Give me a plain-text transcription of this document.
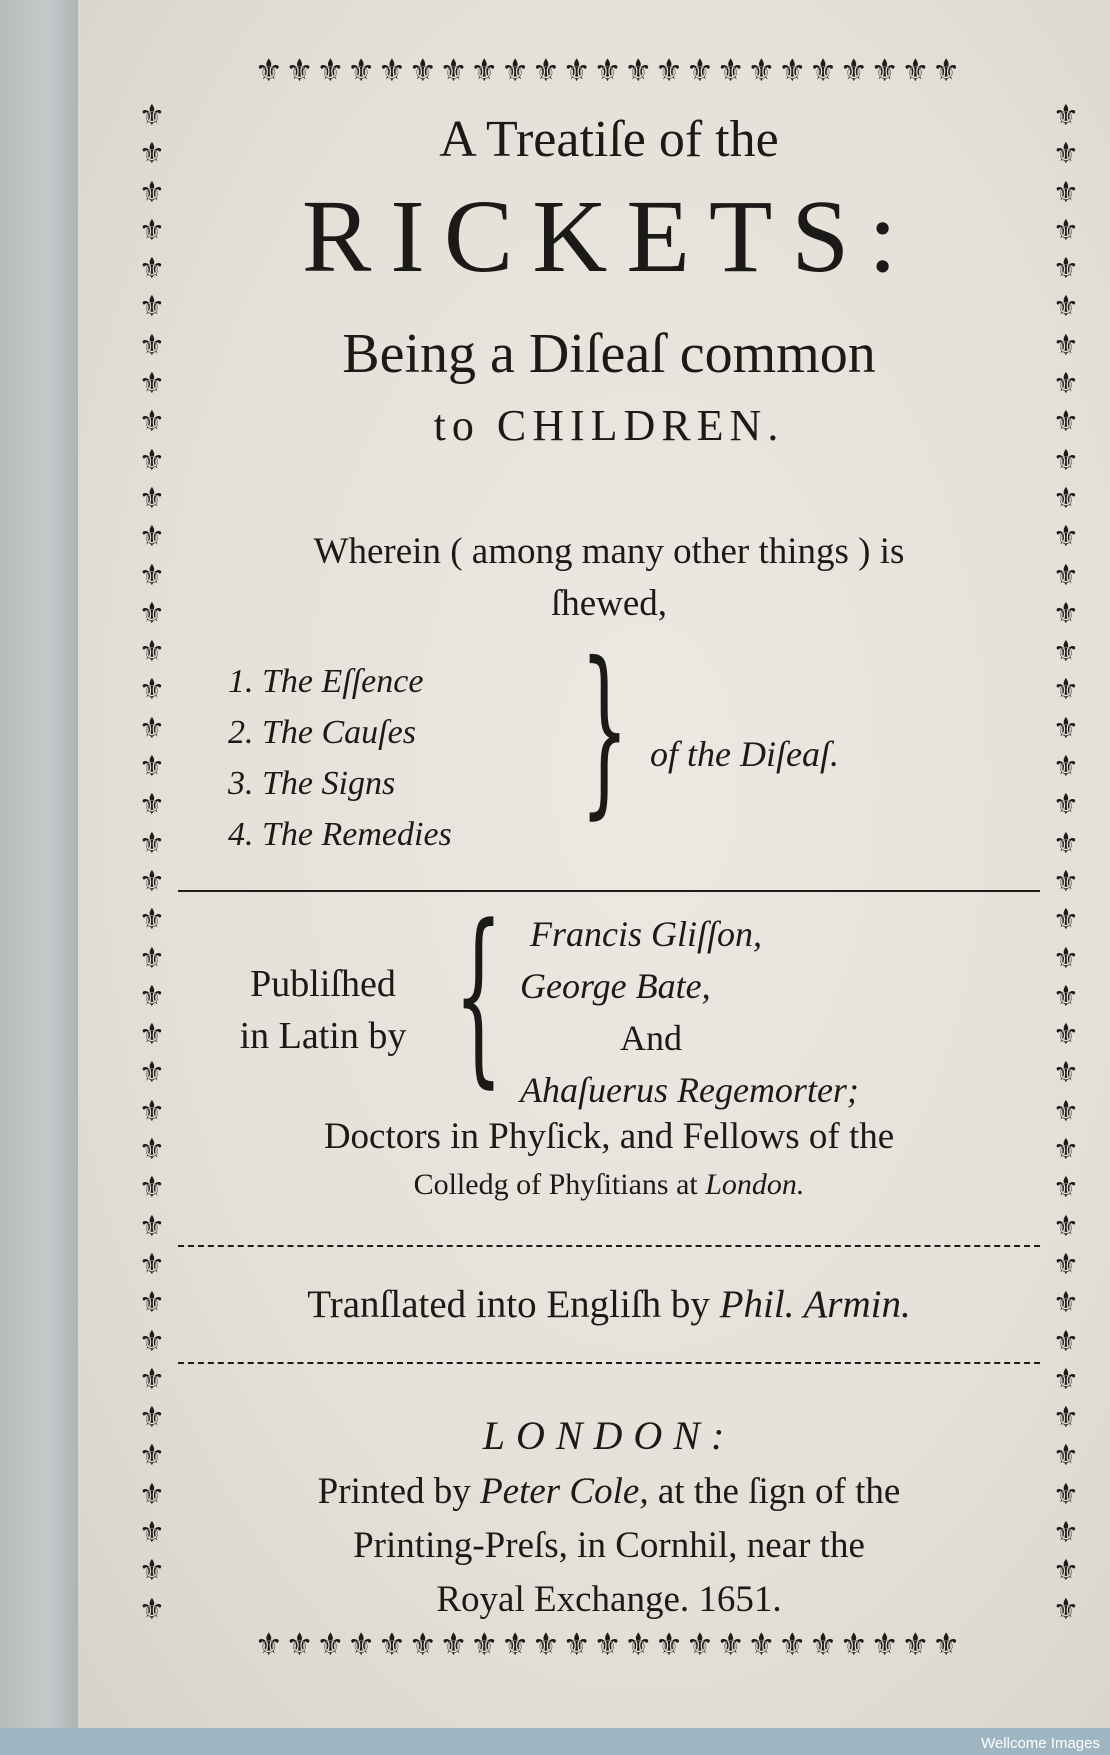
⚜⚜⚜⚜⚜⚜⚜⚜⚜⚜⚜⚜⚜⚜⚜⚜⚜⚜⚜⚜⚜⚜⚜
⚜⚜⚜⚜⚜⚜⚜⚜⚜⚜⚜⚜⚜⚜⚜⚜⚜⚜⚜⚜⚜⚜⚜⚜⚜⚜⚜⚜⚜⚜⚜⚜⚜⚜⚜⚜⚜⚜⚜⚜
⚜⚜⚜⚜⚜⚜⚜⚜⚜⚜⚜⚜⚜⚜⚜⚜⚜⚜⚜⚜⚜⚜⚜⚜⚜⚜⚜⚜⚜⚜⚜⚜⚜⚜⚜⚜⚜⚜⚜⚜
⚜⚜⚜⚜⚜⚜⚜⚜⚜⚜⚜⚜⚜⚜⚜⚜⚜⚜⚜⚜⚜⚜⚜
A Treatiſe of the
RICKETS:
Being a Diſeaſ common
to CHILDREN.
Wherein ( among many other things ) is
ſhewed,
1. The Eſſence
2. The Cauſes
3. The Signs
4. The Remedies } of the Diſeaſ.
Publiſhed
in Latin by { Francis Gliſſon,
George Bate,
And
Ahaſuerus Regemorter;
Doctors in Phyſick, and Fellows of the
Colledg of Phyſitians at London.
Tranſlated into Engliſh by Phil. Armin.
LONDON:
Printed by Peter Cole, at the ſign of the
Printing-Preſs, in Cornhil, near the
Royal Exchange. 1651.
Wellcome Images
